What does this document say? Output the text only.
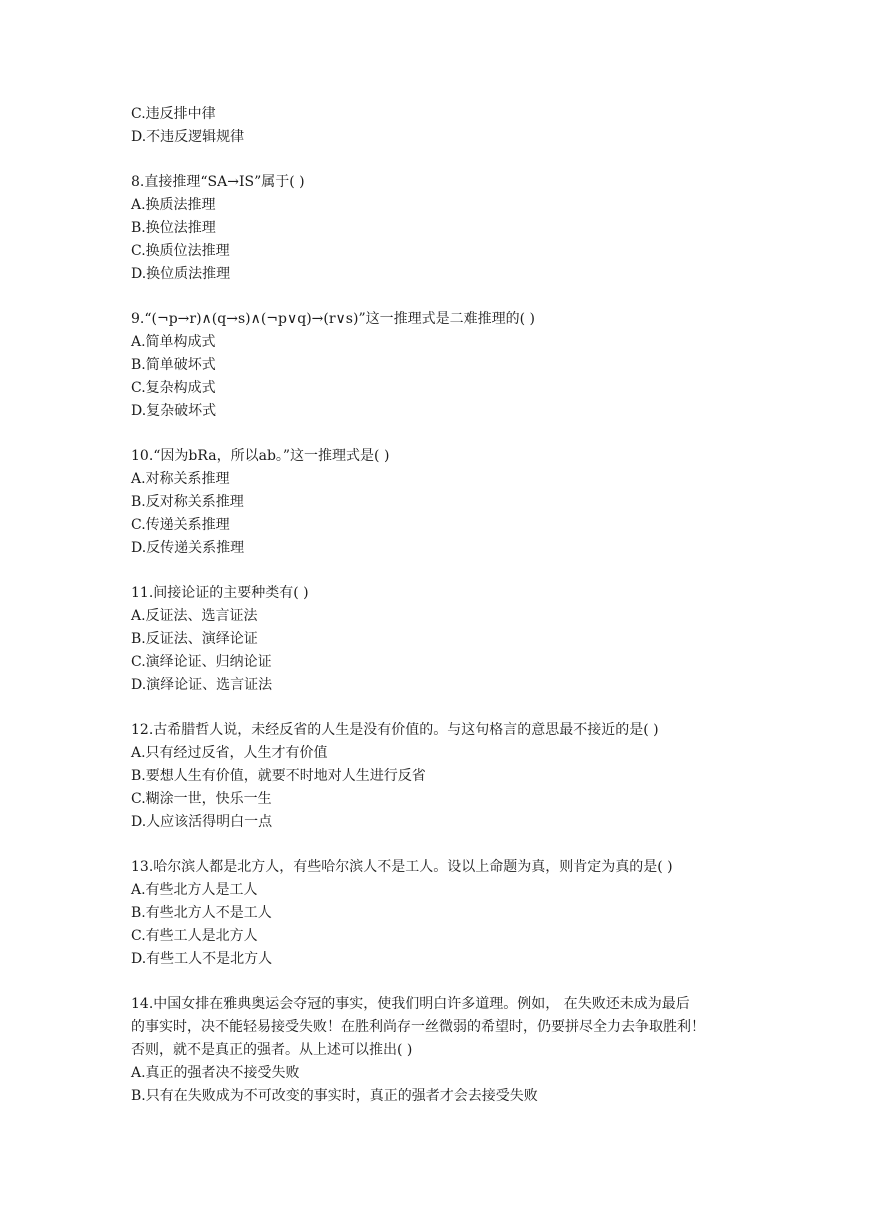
C.违反排中律
D.不违反逻辑规律
8.直接推理“SA→IS”属于( )
A.换质法推理
B.换位法推理
C.换质位法推理
D.换位质法推理
9.“(¬p→r)∧(q→s)∧(¬p∨q)→(r∨s)”这一推理式是二难推理的( )
A.简单构成式
B.简单破坏式
C.复杂构成式
D.复杂破坏式
10.“因为bRa，所以ab。”这一推理式是( )
A.对称关系推理
B.反对称关系推理
C.传递关系推理
D.反传递关系推理
11.间接论证的主要种类有( )
A.反证法、选言证法
B.反证法、演绎论证
C.演绎论证、归纳论证
D.演绎论证、选言证法
12.古希腊哲人说，未经反省的人生是没有价值的。与这句格言的意思最不接近的是( )
A.只有经过反省，人生才有价值
B.要想人生有价值，就要不时地对人生进行反省
C.糊涂一世，快乐一生
D.人应该活得明白一点
13.哈尔滨人都是北方人，有些哈尔滨人不是工人。设以上命题为真，则肯定为真的是( )
A.有些北方人是工人
B.有些北方人不是工人
C.有些工人是北方人
D.有些工人不是北方人
14.中国女排在雅典奥运会夺冠的事实，使我们明白许多道理。例如， 在失败还未成为最后
的事实时，决不能轻易接受失败！在胜利尚存一丝微弱的希望时，仍要拼尽全力去争取胜利！
否则，就不是真正的强者。从上述可以推出( )
A.真正的强者决不接受失败
B.只有在失败成为不可改变的事实时，真正的强者才会去接受失败
